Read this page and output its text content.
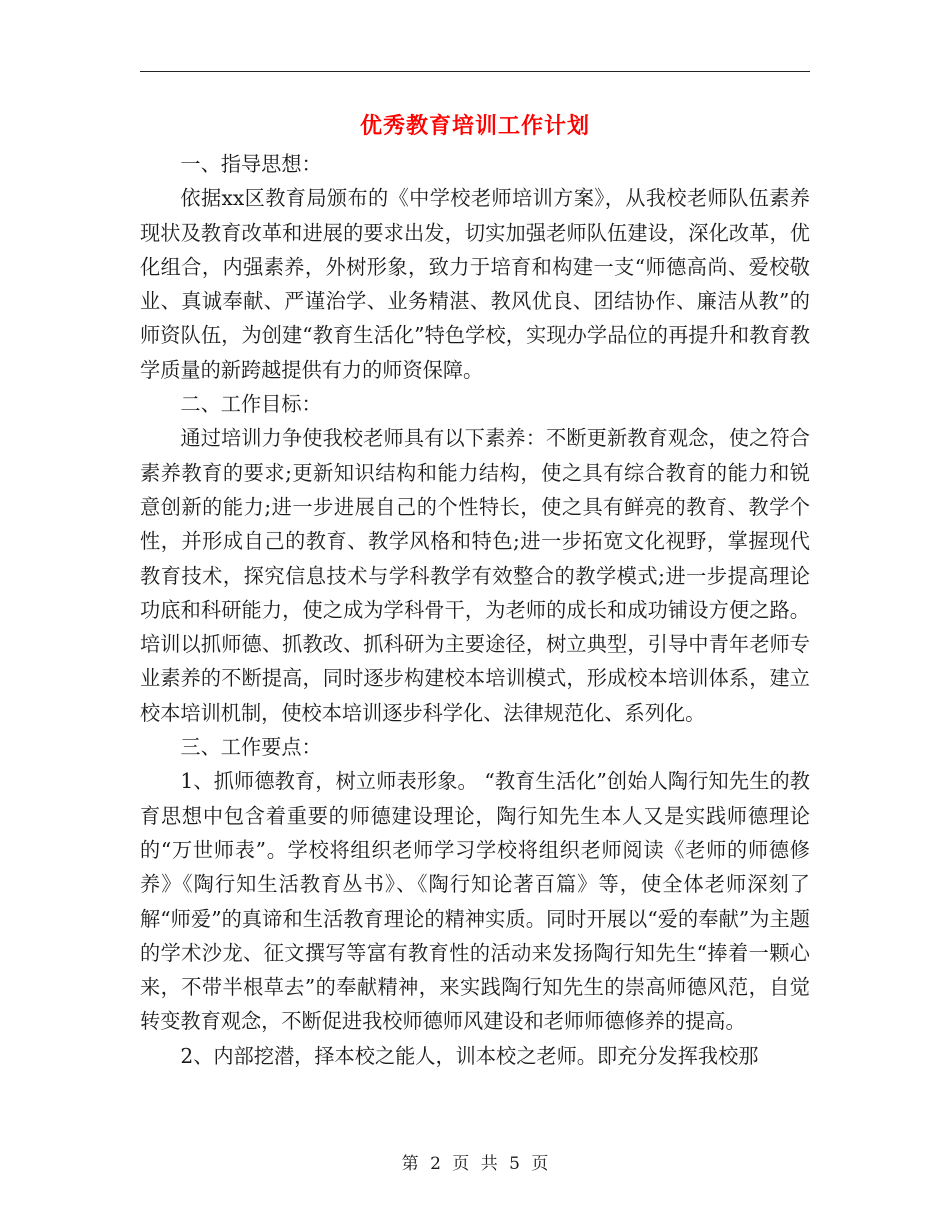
优秀教育培训工作计划

一、指导思想：

依据xx区教育局颁布的《中学校老师培训方案》，从我校老师队伍素养现状及教育改革和进展的要求出发，切实加强老师队伍建设，深化改革，优化组合，内强素养，外树形象，致力于培育和构建一支“师德高尚、爱校敬业、真诚奉献、严谨治学、业务精湛、教风优良、团结协作、廉洁从教”的师资队伍，为创建“教育生活化”特色学校，实现办学品位的再提升和教育教学质量的新跨越提供有力的师资保障。

二、工作目标：

通过培训力争使我校老师具有以下素养：不断更新教育观念，使之符合素养教育的要求;更新知识结构和能力结构，使之具有综合教育的能力和锐意创新的能力;进一步进展自己的个性特长，使之具有鲜亮的教育、教学个性，并形成自己的教育、教学风格和特色;进一步拓宽文化视野，掌握现代教育技术，探究信息技术与学科教学有效整合的教学模式;进一步提高理论功底和科研能力，使之成为学科骨干，为老师的成长和成功铺设方便之路。培训以抓师德、抓教改、抓科研为主要途径，树立典型，引导中青年老师专业素养的不断提高，同时逐步构建校本培训模式，形成校本培训体系，建立校本培训机制，使校本培训逐步科学化、法律规范化、系列化。

三、工作要点：

1、抓师德教育，树立师表形象。 “教育生活化”创始人陶行知先生的教育思想中包含着重要的师德建设理论，陶行知先生本人又是实践师德理论的“万世师表”。学校将组织老师学习学校将组织老师阅读《老师的师德修养》《陶行知生活教育丛书》、《陶行知论著百篇》等，使全体老师深刻了解“师爱”的真谛和生活教育理论的精神实质。同时开展以“爱的奉献”为主题的学术沙龙、征文撰写等富有教育性的活动来发扬陶行知先生“捧着一颗心来，不带半根草去”的奉献精神，来实践陶行知先生的崇高师德风范，自觉转变教育观念，不断促进我校师德师风建设和老师师德修养的提高。

2、内部挖潜，择本校之能人，训本校之老师。即充分发挥我校那

第 2 页 共 5 页
